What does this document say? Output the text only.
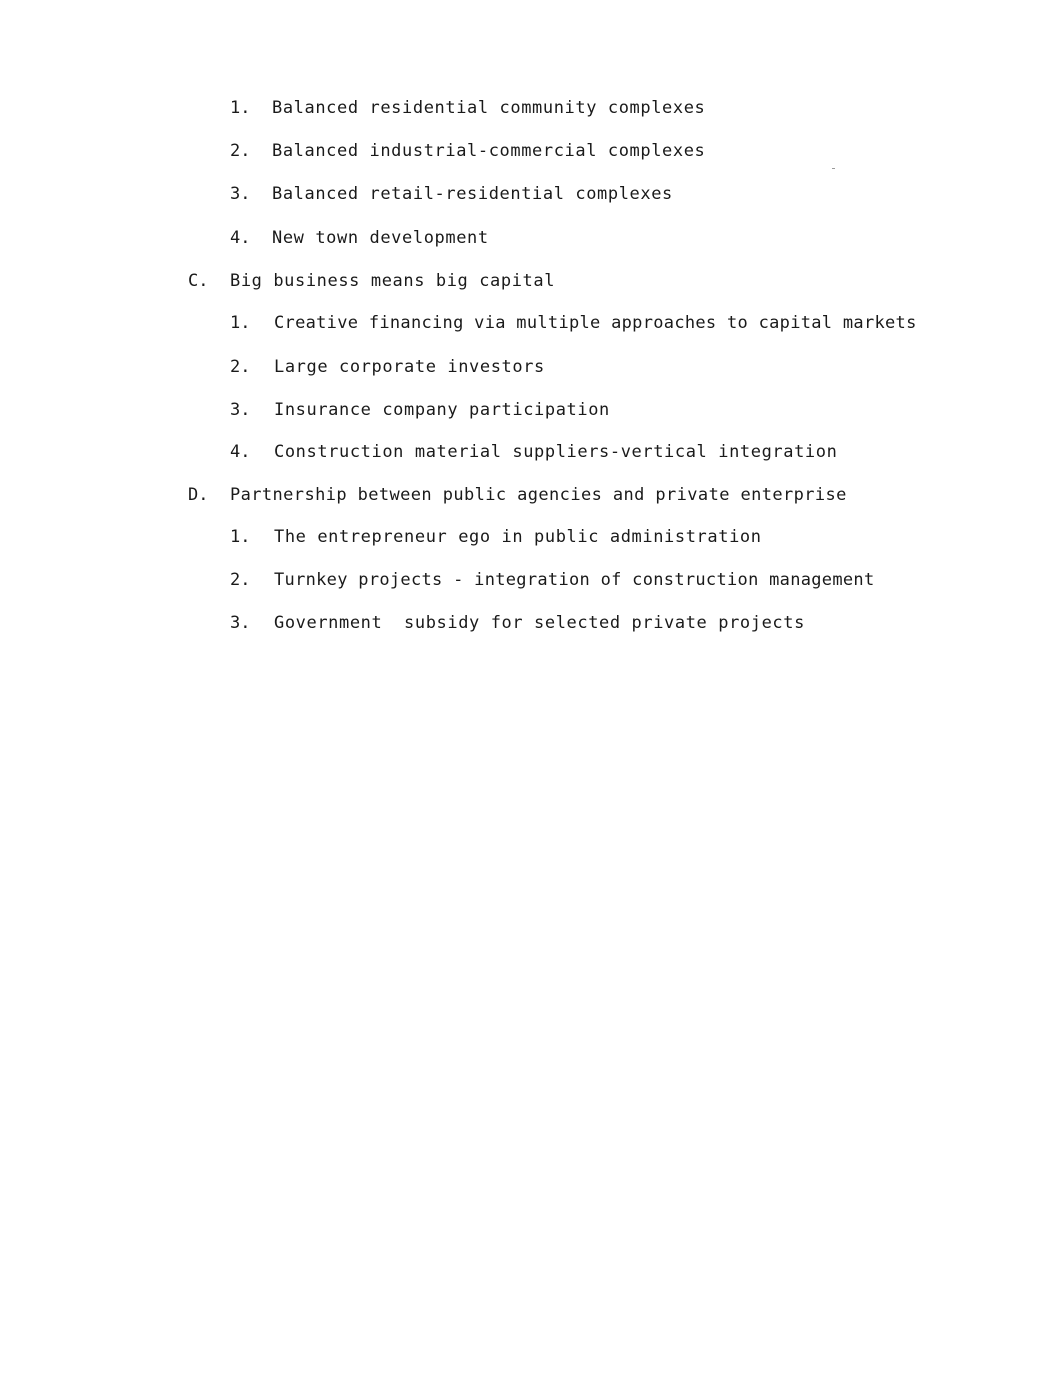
1. Balanced residential community complexes
2. Balanced industrial-commercial complexes
3. Balanced retail-residential complexes
4. New town development
C. Big business means big capital
1. Creative financing via multiple approaches to capital markets
2. Large corporate investors
3. Insurance company participation
4. Construction material suppliers-vertical integration
D. Partnership between public agencies and private enterprise
1. The entrepreneur ego in public administration
2. Turnkey projects - integration of construction management
3. Government  subsidy for selected private projects
